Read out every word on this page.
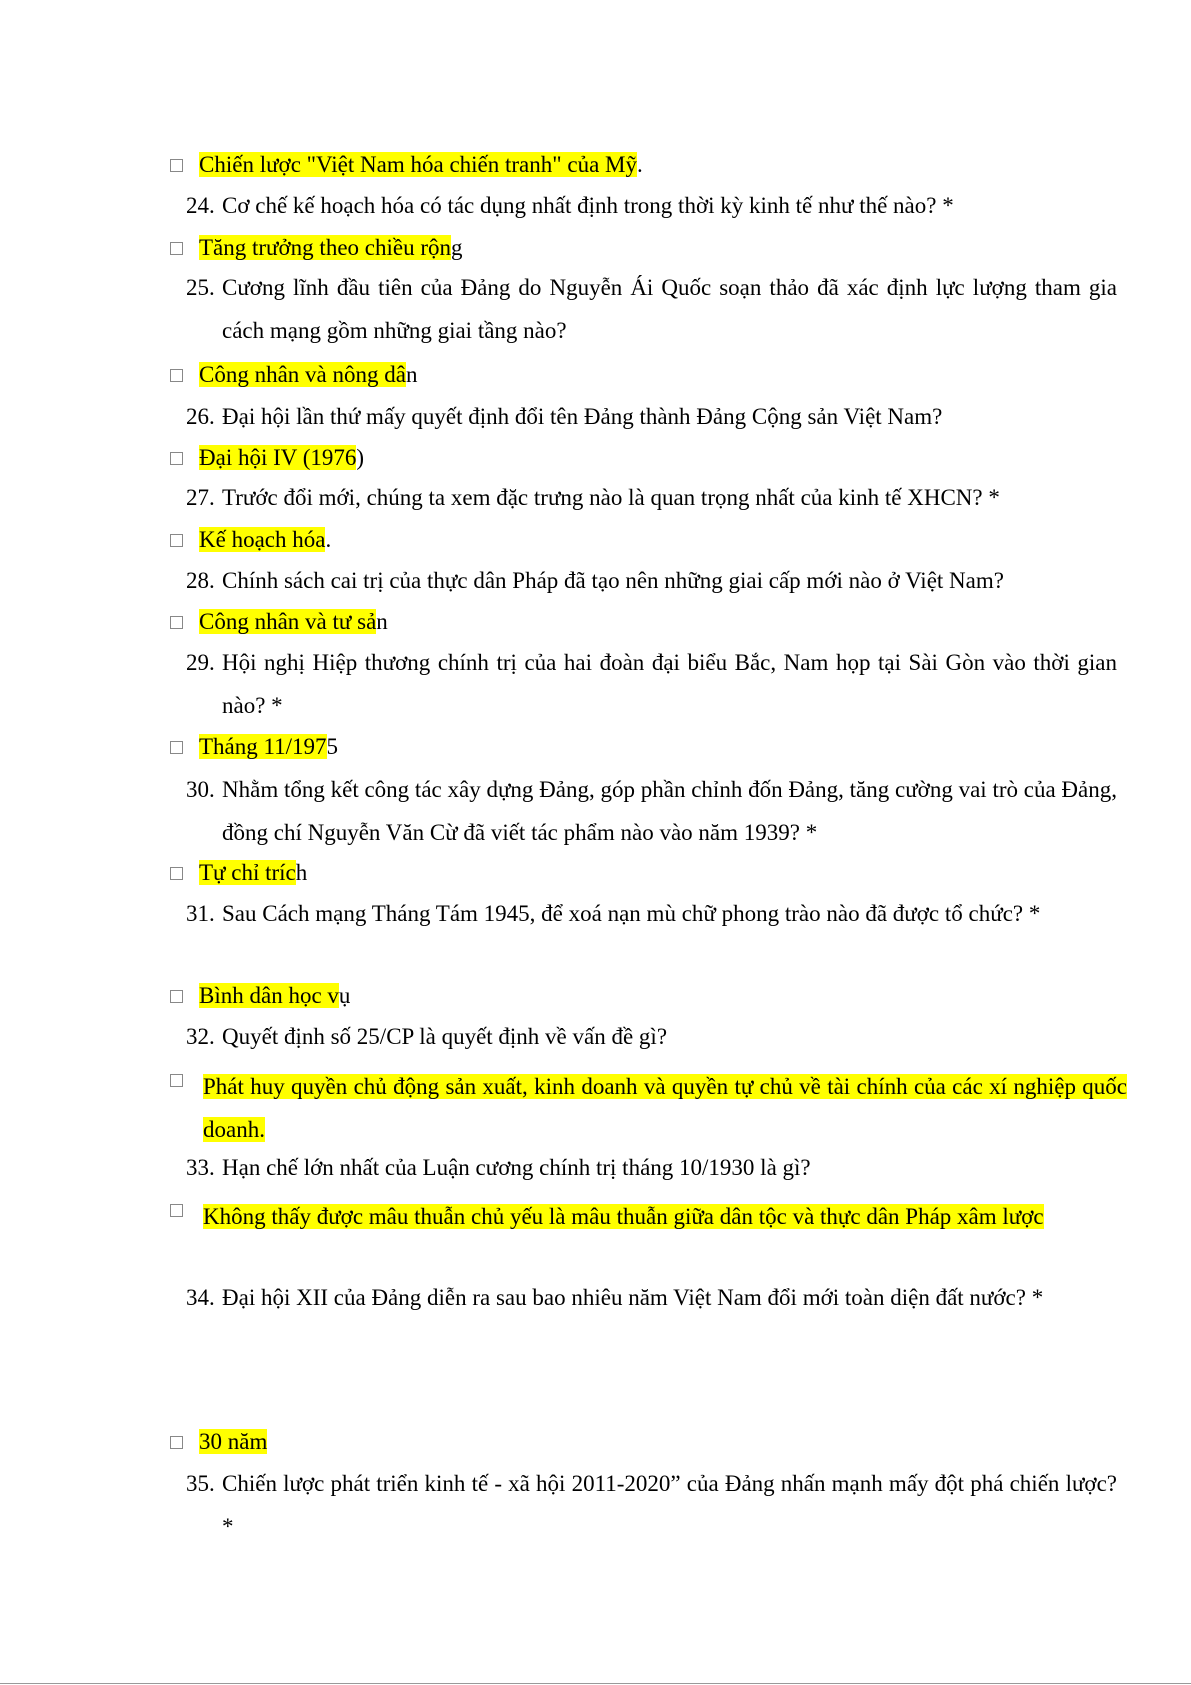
Chiến lược "Việt Nam hóa chiến tranh" của Mỹ.
24. Cơ chế kế hoạch hóa có tác dụng nhất định trong thời kỳ kinh tế như thế nào? *
Tăng trưởng theo chiều rộng
25. Cương lĩnh đầu tiên của Đảng do Nguyễn Ái Quốc soạn thảo đã xác định lực lượng tham gia cách mạng gồm những giai tầng nào?
Công nhân và nông dân
26. Đại hội lần thứ mấy quyết định đổi tên Đảng thành Đảng Cộng sản Việt Nam?
Đại hội IV (1976)
27. Trước đổi mới, chúng ta xem đặc trưng nào là quan trọng nhất của kinh tế XHCN? *
Kế hoạch hóa.
28. Chính sách cai trị của thực dân Pháp đã tạo nên những giai cấp mới nào ở Việt Nam?
Công nhân và tư sản
29. Hội nghị Hiệp thương chính trị của hai đoàn đại biểu Bắc, Nam họp tại Sài Gòn vào thời gian nào? *
Tháng 11/1975
30. Nhằm tổng kết công tác xây dựng Đảng, góp phần chỉnh đốn Đảng, tăng cường vai trò của Đảng, đồng chí Nguyễn Văn Cừ đã viết tác phẩm nào vào năm 1939? *
Tự chỉ trích
31. Sau Cách mạng Tháng Tám 1945, để xoá nạn mù chữ phong trào nào đã được tổ chức? *
Bình dân học vụ
32. Quyết định số 25/CP là quyết định về vấn đề gì?
Phát huy quyền chủ động sản xuất, kinh doanh và quyền tự chủ về tài chính của các xí nghiệp quốc doanh.
33. Hạn chế lớn nhất của Luận cương chính trị tháng 10/1930 là gì?
Không thấy được mâu thuẫn chủ yếu là mâu thuẫn giữa dân tộc và thực dân Pháp xâm lược
34. Đại hội XII của Đảng diễn ra sau bao nhiêu năm Việt Nam đổi mới toàn diện đất nước? *
30 năm
35. Chiến lược phát triển kinh tế - xã hội 2011-2020” của Đảng nhấn mạnh mấy đột phá chiến lược? *
